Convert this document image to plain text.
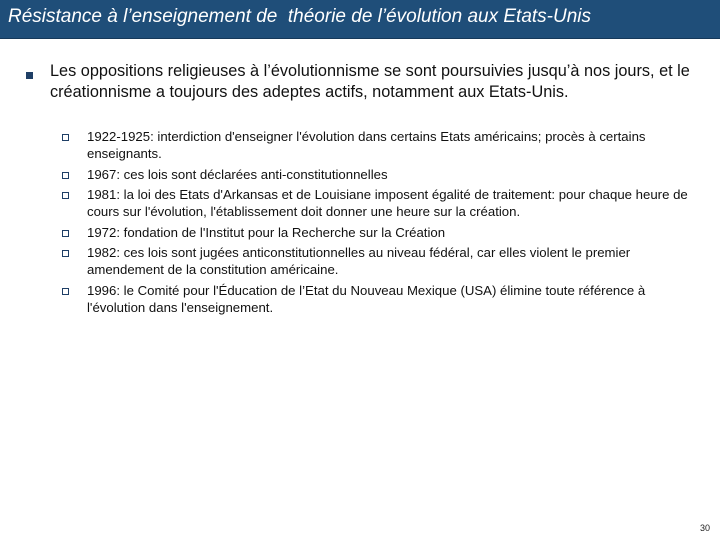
Résistance à l’enseignement de  théorie de l’évolution aux Etats-Unis
Les oppositions religieuses à l’évolutionnisme se sont poursuivies jusqu’à nos jours, et le créationnisme a toujours des adeptes actifs, notamment aux Etats-Unis.
1922-1925: interdiction d'enseigner l'évolution dans certains Etats américains; procès à certains enseignants.
1967: ces lois sont déclarées anti-constitutionnelles
1981: la loi des Etats d'Arkansas et de Louisiane imposent égalité de traitement: pour chaque heure de cours sur l'évolution, l'établissement doit donner une heure sur la création.
1972: fondation de l'Institut pour la Recherche sur la Création
1982: ces lois sont jugées anticonstitutionnelles au niveau fédéral, car elles violent le premier amendement de la constitution américaine.
1996: le Comité pour l'Éducation de l’Etat du Nouveau Mexique (USA) élimine toute référence à l'évolution dans l'enseignement.
30
